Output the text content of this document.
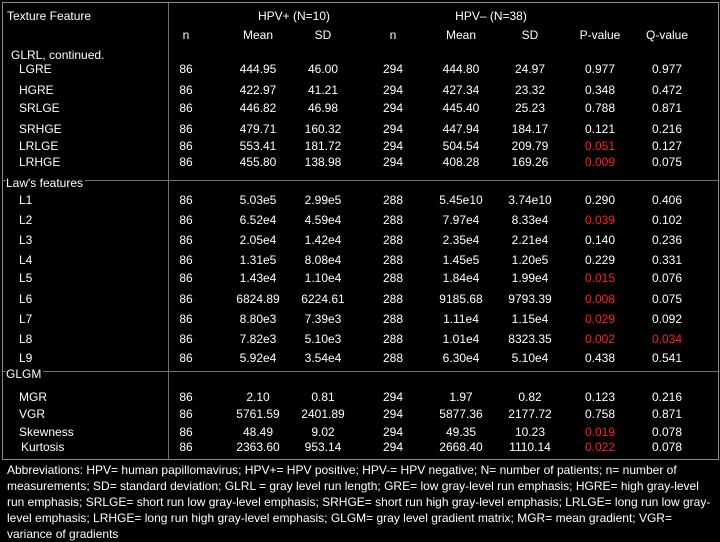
Texture Feature	HPV+ (N=10)	HPV– (N=38)
n	Mean	SD	n	Mean	SD	P-value Q-value
GLRL, continued.
Law's features
GLGM
LGRE	86	444.95	46.00	294	444.80	24.97	0.977	0.977
HGRE	86	422.97	41.21	294	427.34	23.32	0.348	0.472
SRLGE	86	446.82	46.98	294	445.40	25.23	0.788	0.871
SRHGE	86	479.71 160.32	294	447.94	184.17	0.121	0.216
LRLGE	86	553.41 181.72	294	504.54	209.79	0.051	0.127
LRHGE	86	455.80 138.98	294	408.28	169.26	0.009	0.075
L1	86	5.03e5 2.99e5	288	5.45e10 3.74e10	0.290	0.406
L2	86	6.52e4 4.59e4	288	7.97e4	8.33e4	0.039	0.102
L3	86	2.05e4 1.42e4	288	2.35e4	2.21e4	0.140	0.236
L4	86	1.31e5 8.08e4	288	1.45e5	1.20e5	0.229	0.331
L5	86	1.43e4 1.10e4	288	1.84e4	1.99e4	0.015	0.076
L6	86	6824.89 6224.61	288	9185.68 9793.39	0.008	0.075
L7	86	8.80e3 7.39e3	288	1.11e4	1.15e4	0.029	0.092
L8	86	7.82e3 5.10e3	288	1.01e4 8323.35	0.002	0.034
L9	86	5.92e4 3.54e4	288	6.30e4	5.10e4	0.438	0.541
MGR	86	2.10	0.81	294	1.97	0.82	0.123	0.216
VGR	86	5761.59 2401.89	294	5877.36 2177.72	0.758	0.871
Skewness	86	48.49	9.02	294	49.35	10.23	0.019	0.078
Kurtosis	86	2363.60 953.14	294	2668.40 1110.14	0.022	0.078
Abbreviations: HPV= human papillomavirus; HPV+= HPV positive; HPV-= HPV negative; N= number of patients; n= number of measurements; SD= standard deviation; GLRL = gray level run length; GRE= low gray-level run emphasis; HGRE= high gray-level run emphasis; SRLGE= short run low gray-level emphasis; SRHGE= short run high gray-level emphasis; LRLGE= long run low gray-level emphasis; LRHGE= long run high gray-level emphasis; GLGM= gray level gradient matrix; MGR= mean gradient; VGR= variance of gradients
